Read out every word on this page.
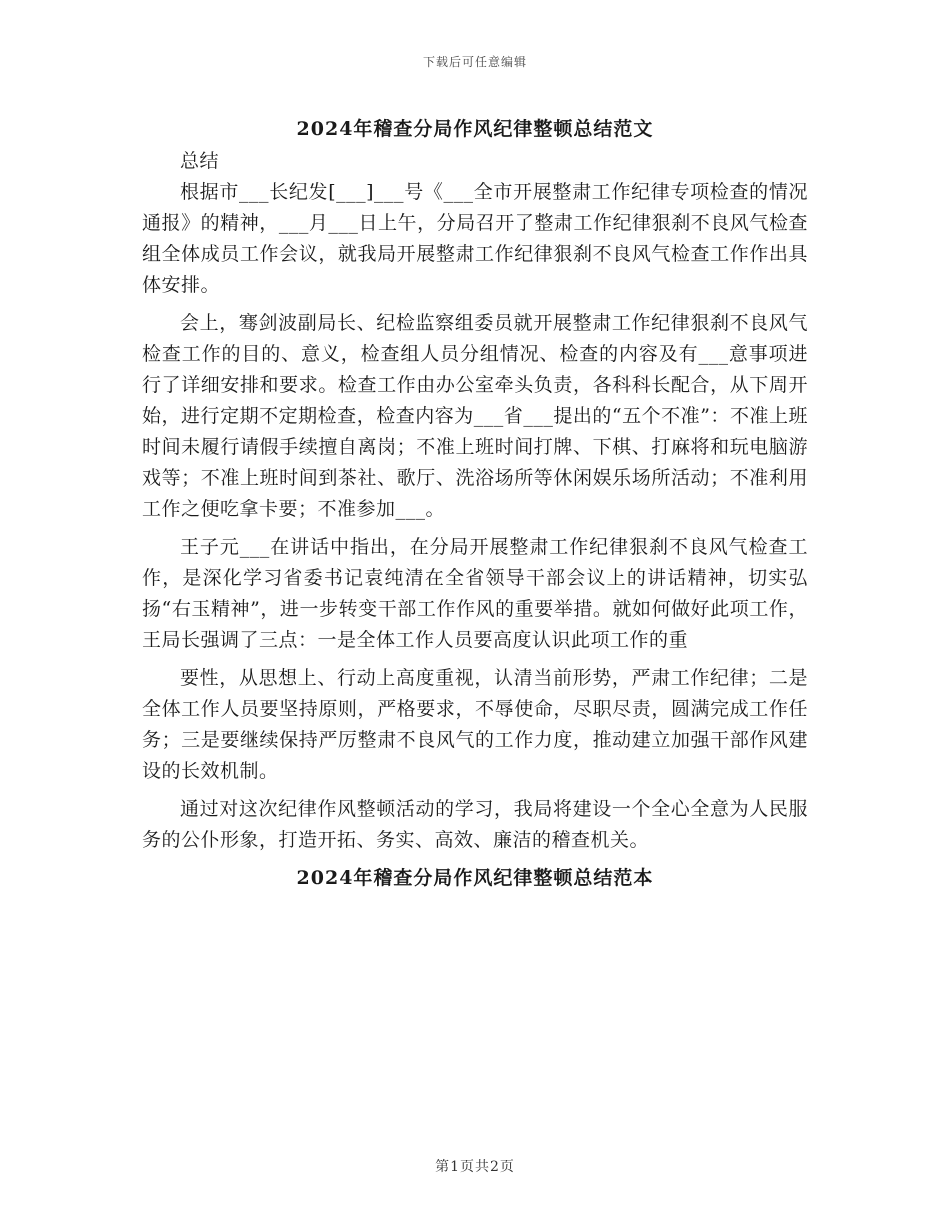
下载后可任意编辑
2024年稽查分局作风纪律整顿总结范文

总结

根据市___长纪发[___]___号《___全市开展整肃工作纪律专项检查的情况通报》的精神，___月___日上午，分局召开了整肃工作纪律狠刹不良风气检查组全体成员工作会议，就我局开展整肃工作纪律狠刹不良风气检查工作作出具体安排。

会上，骞剑波副局长、纪检监察组委员就开展整肃工作纪律狠刹不良风气检查工作的目的、意义，检查组人员分组情况、检查的内容及有___意事项进行了详细安排和要求。检查工作由办公室牵头负责，各科科长配合，从下周开始，进行定期不定期检查，检查内容为___省___提出的“五个不准”：不准上班时间未履行请假手续擅自离岗；不准上班时间打牌、下棋、打麻将和玩电脑游戏等；不准上班时间到茶社、歌厅、洗浴场所等休闲娱乐场所活动；不准利用工作之便吃拿卡要；不准参加___。

王子元___在讲话中指出，在分局开展整肃工作纪律狠刹不良风气检查工作，是深化学习省委书记袁纯清在全省领导干部会议上的讲话精神，切实弘扬“右玉精神”，进一步转变干部工作作风的重要举措。就如何做好此项工作，王局长强调了三点：一是全体工作人员要高度认识此项工作的重

要性，从思想上、行动上高度重视，认清当前形势，严肃工作纪律；二是全体工作人员要坚持原则，严格要求，不辱使命，尽职尽责，圆满完成工作任务；三是要继续保持严厉整肃不良风气的工作力度，推动建立加强干部作风建设的长效机制。

通过对这次纪律作风整顿活动的学习，我局将建设一个全心全意为人民服务的公仆形象，打造开拓、务实、高效、廉洁的稽查机关。

2024年稽查分局作风纪律整顿总结范本
第1页共2页
